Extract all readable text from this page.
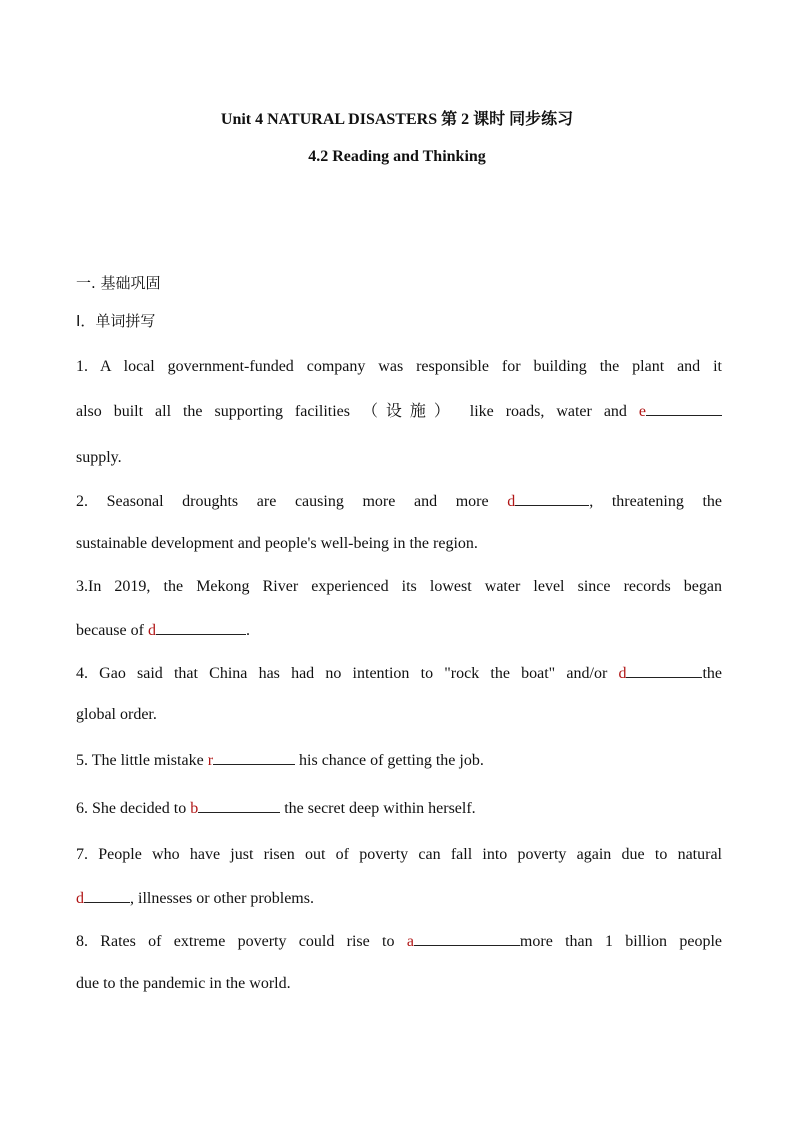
Unit 4 NATURAL DISASTERS 第 2 课时 同步练习
4.2 Reading and Thinking
一. 基础巩固
Ⅰ．单词拼写
1. A local government-funded company was responsible for building the plant and it
also built all the supporting facilities （设施） like roads, water and e
supply.
2. Seasonal droughts are causing more and more d	, threatening the
sustainable development and people's well-being in the region.
3.In 2019, the Mekong River experienced its lowest water level since records began
because of d	.
4. Gao said that China has had no intention to "rock the boat" and/or d	the
global order.
5. The little mistake r	his chance of getting the job.
6. She decided to b	the secret deep within herself.
7. People who have just risen out of poverty can fall into poverty again due to natural
d	, illnesses or other problems.
8. Rates of extreme poverty could rise to a	more than 1 billion people
due to the pandemic in the world.
